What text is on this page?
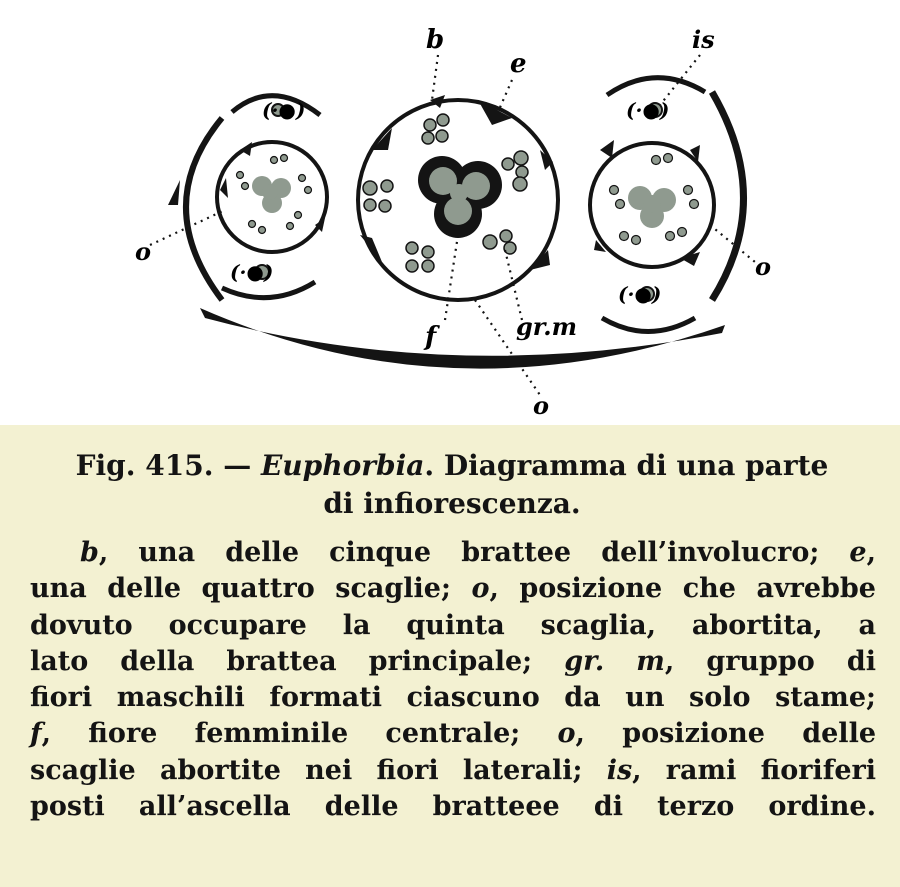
(·●)
(·●)
(·●)
(·●)
b
e
is
o
o
o
f	gr.m

Fig. 415. — Euphorbia. Diagramma di una parte
di infiorescenza.

b, una delle cinque brattee dell’involucro; e,
una delle quattro scaglie; o, posizione che avrebbe
dovuto occupare la quinta scaglia, abortita, a
lato della brattea principale; gr. m, gruppo di
fiori maschili formati ciascuno da un solo stame;
f, fiore femminile centrale; o, posizione delle
scaglie abortite nei fiori laterali; is, rami fioriferi
posti all’ascella delle bratteee di terzo ordine.
